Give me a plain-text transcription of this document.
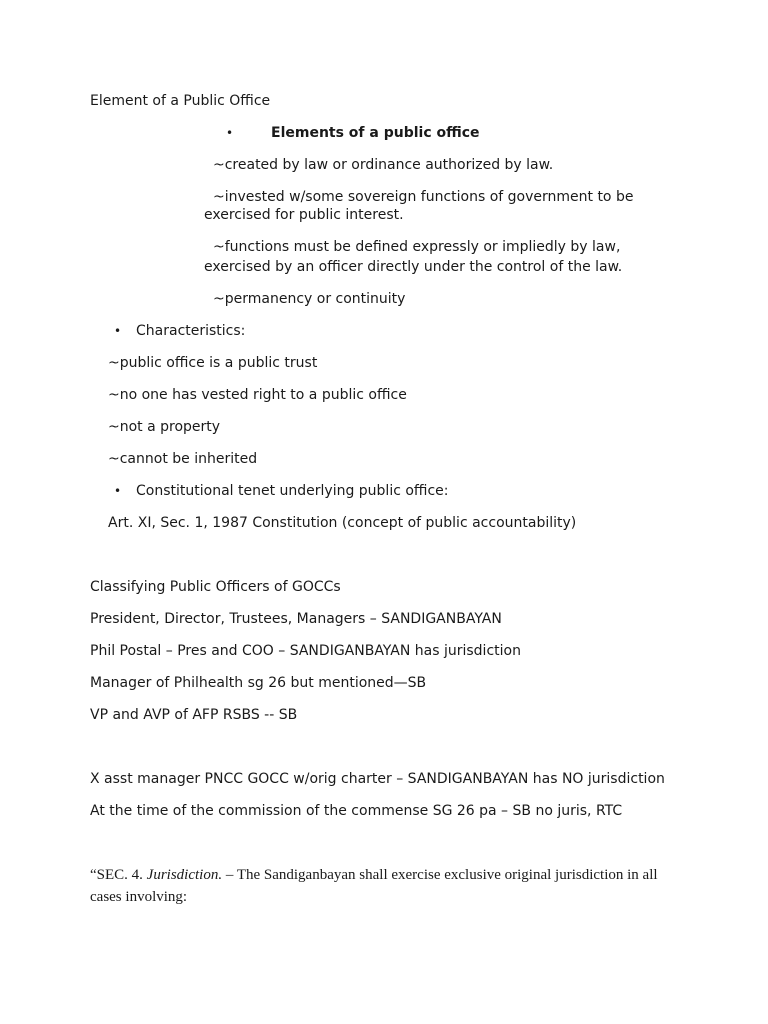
Element of a Public Office
•	Elements of a public office
~created by law or ordinance authorized by law.
~invested w/some sovereign functions of government to be
exercised for public interest.
~functions must be defined expressly or impliedly by law,
exercised by an officer directly under the control of the law.
~permanency or continuity
• Characteristics:
~public office is a public trust
~no one has vested right to a public office
~not a property
~cannot be inherited
• Constitutional tenet underlying public office:
Art. XI, Sec. 1, 1987 Constitution (concept of public accountability)
Classifying Public Officers of GOCCs
President, Director, Trustees, Managers – SANDIGANBAYAN
Phil Postal – Pres and COO – SANDIGANBAYAN has jurisdiction
Manager of Philhealth sg 26 but mentioned—SB
VP and AVP of AFP RSBS -- SB
X asst manager PNCC GOCC w/orig charter – SANDIGANBAYAN has NO jurisdiction
At the time of the commission of the commense SG 26 pa – SB no juris, RTC
“SEC. 4. Jurisdiction. – The Sandiganbayan shall exercise exclusive original jurisdiction in all
cases involving:
